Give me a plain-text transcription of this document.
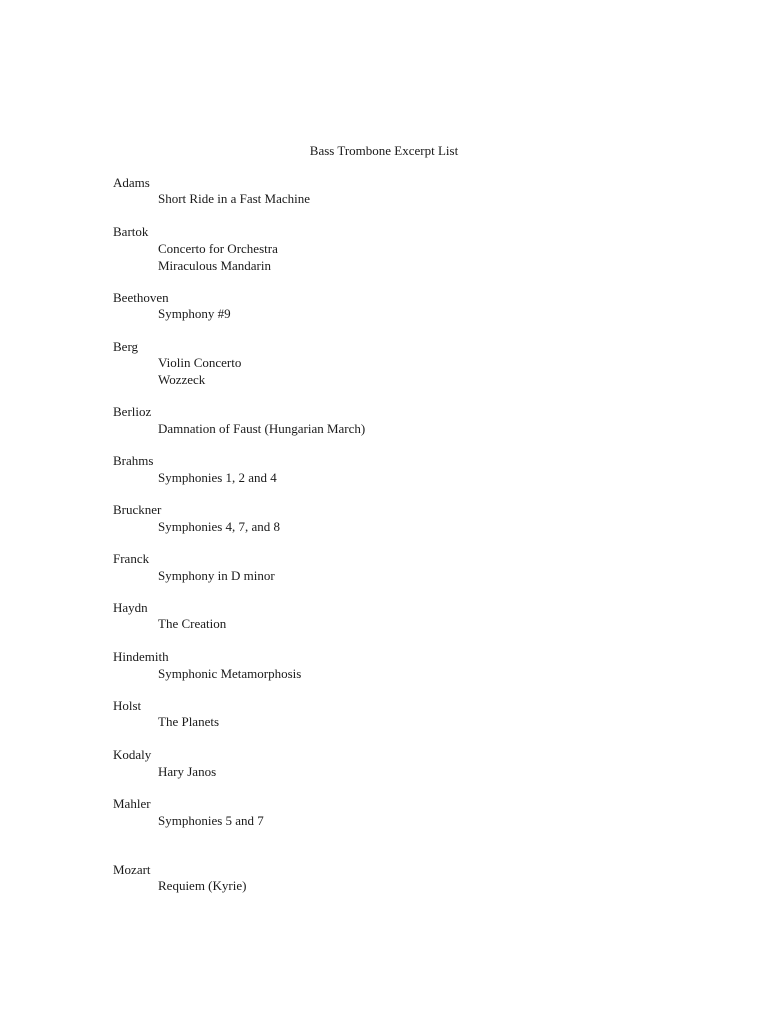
Bass Trombone Excerpt List
Adams
Short Ride in a Fast Machine
Bartok
Concerto for Orchestra
Miraculous Mandarin
Beethoven
Symphony #9
Berg
Violin Concerto
Wozzeck
Berlioz
Damnation of Faust (Hungarian March)
Brahms
Symphonies 1, 2 and 4
Bruckner
Symphonies 4, 7, and 8
Franck
Symphony in D minor
Haydn
The Creation
Hindemith
Symphonic Metamorphosis
Holst
The Planets
Kodaly
Hary Janos
Mahler
Symphonies 5 and 7
Mozart
Requiem (Kyrie)
